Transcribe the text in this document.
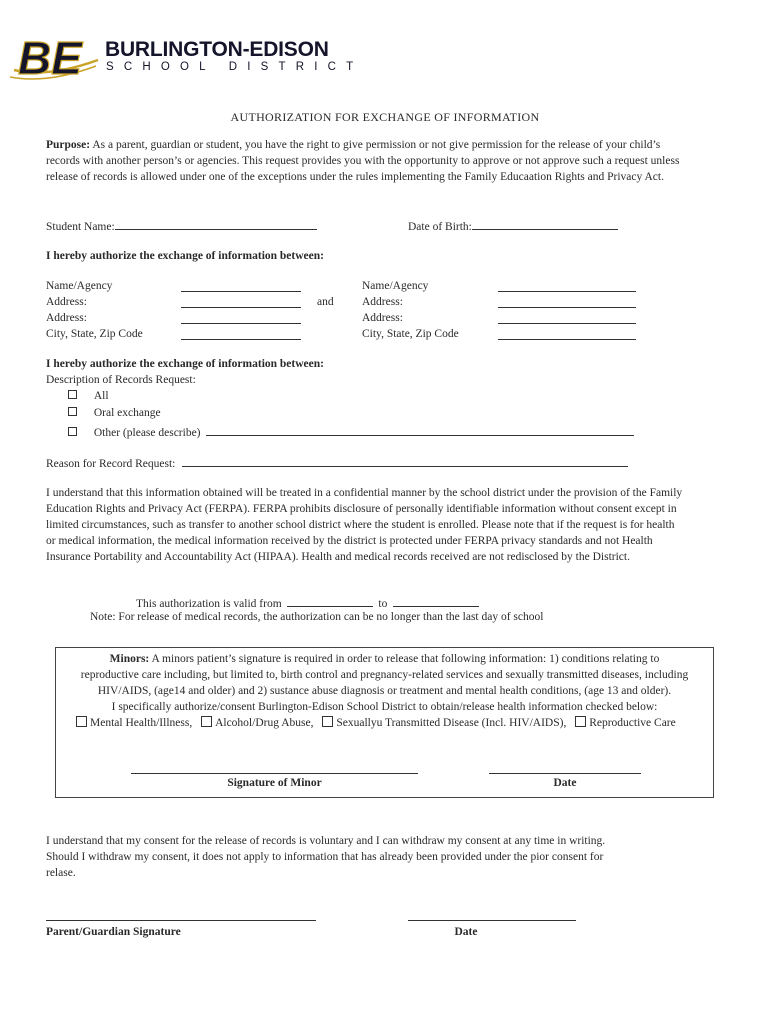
BE BURLINGTON-EDISON
SCHOOL DISTRICT
AUTHORIZATION FOR EXCHANGE OF INFORMATION
Purpose: As a parent, guardian or student, you have the right to give permission or not give permission for the release of your child’s records with another person’s or agencies. This request provides you with the opportunity to approve or not approve such a request unless release of records is allowed under one of the exceptions under the rules implementing the Family Educaation Rights and Privacy Act.
Student Name:	Date of Birth:
I hereby authorize the exchange of information between:
Name/Agency
Address:
Address:
City, State, Zip Code
and
Name/Agency
Address:
Address:
City, State, Zip Code
I hereby authorize the exchange of information between:
Description of Records Request:
All
Oral exchange
Other (please describe)
Reason for Record Request:
I understand that this information obtained will be treated in a confidential manner by the school district under the provision of the Family Education Rights and Privacy Act (FERPA). FERPA prohibits disclosure of personally identifiable information without consent except in limited circumstances, such as transfer to another school district where the student is enrolled. Please note that if the request is for health or medical information, the medical information received by the district is protected under FERPA privacy standards and not Health Insurance Portability and Accountability Act (HIPAA). Health and medical records received are not redisclosed by the District.
This authorization is valid from	to
Note: For release of medical records, the authorization can be no longer than the last day of school
Minors: A minors patient’s signature is required in order to release that following information: 1) conditions relating to
reproductive care including, but limited to, birth control and pregnancy-related services and sexually transmitted diseases, including
HIV/AIDS, (age14 and older) and 2) sustance abuse diagnosis or treatment and mental health conditions, (age 13 and older).
I specifically authorize/consent Burlington-Edison School District to obtain/release health information checked below:
Mental Health/Illness, Alcohol/Drug Abuse, Sexuallyu Transmitted Disease (Incl. HIV/AIDS), Reproductive Care
Signature of Minor	Date
I understand that my consent for the release of records is voluntary and I can withdraw my consent at any time in writing. Should I withdraw my consent, it does not apply to information that has already been provided under the pior consent for relase.
Parent/Guardian Signature	Date
